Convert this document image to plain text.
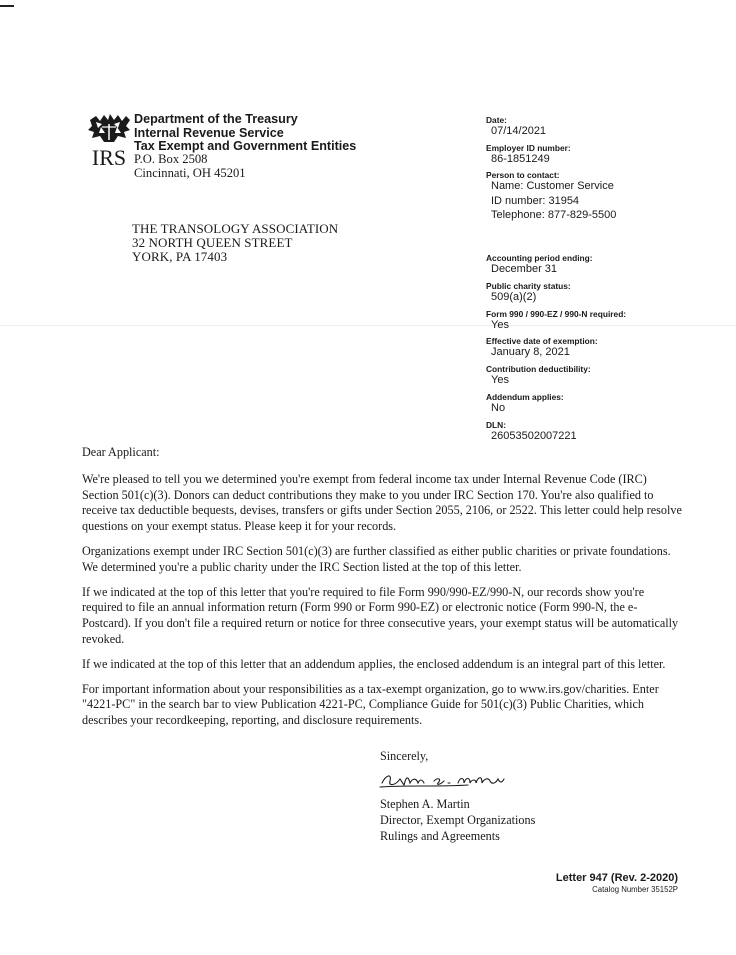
IRS
Department of the Treasury
Internal Revenue Service
Tax Exempt and Government Entities
P.O. Box 2508
Cincinnati, OH 45201
THE TRANSOLOGY ASSOCIATION
32 NORTH QUEEN STREET
YORK, PA 17403
Date:
07/14/2021
Employer ID number:
86-1851249
Person to contact:
Name: Customer Service
ID number: 31954
Telephone: 877-829-5500
Accounting period ending:
December 31
Public charity status:
509(a)(2)
Form 990 / 990-EZ / 990-N required:
Yes
Effective date of exemption:
January 8, 2021
Contribution deductibility:
Yes
Addendum applies:
No
DLN:
26053502007221
Dear Applicant:

We're pleased to tell you we determined you're exempt from federal income tax under Internal Revenue Code (IRC) Section 501(c)(3). Donors can deduct contributions they make to you under IRC Section 170. You're also qualified to receive tax deductible bequests, devises, transfers or gifts under Section 2055, 2106, or 2522. This letter could help resolve questions on your exempt status. Please keep it for your records.

Organizations exempt under IRC Section 501(c)(3) are further classified as either public charities or private foundations. We determined you're a public charity under the IRC Section listed at the top of this letter.

If we indicated at the top of this letter that you're required to file Form 990/990-EZ/990-N, our records show you're required to file an annual information return (Form 990 or Form 990-EZ) or electronic notice (Form 990-N, the e-Postcard). If you don't file a required return or notice for three consecutive years, your exempt status will be automatically revoked.

If we indicated at the top of this letter that an addendum applies, the enclosed addendum is an integral part of this letter.

For important information about your responsibilities as a tax-exempt organization, go to www.irs.gov/charities. Enter "4221-PC" in the search bar to view Publication 4221-PC, Compliance Guide for 501(c)(3) Public Charities, which describes your recordkeeping, reporting, and disclosure requirements.

Sincerely,
Stephen A. Martin
Director, Exempt Organizations
Rulings and Agreements
Letter 947 (Rev. 2-2020)
Catalog Number 35152P
